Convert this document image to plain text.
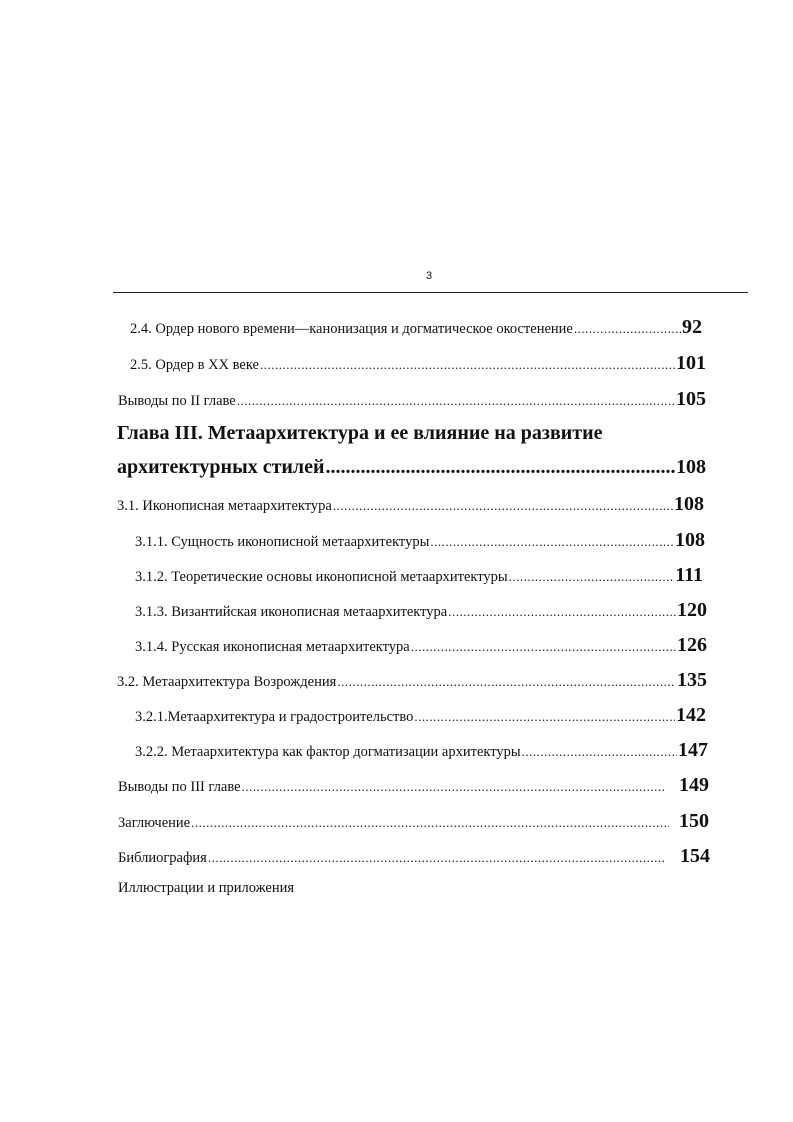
3
2.4. Ордер нового времени—канонизация и догматическое окостенение .....	92
2.5. Ордер в XX веке .....	101
Выводы по II главе .....	105
Глава III. Метаархитектура и ее влияние на развитие
архитектурных стилей .....	108
3.1. Иконописная метаархитектура .....	108
3.1.1. Сущность иконописной метаархитектуры .....	108
3.1.2. Теоретические основы иконописной метаархитектуры .....	111
3.1.3. Византийская иконописная метаархитектура .....	120
3.1.4. Русская иконописная метаархитектура .....	126
3.2. Метаархитектура Возрождения .....	135
3.2.1.Метаархитектура и градостроительство .....	142
3.2.2. Метаархитектура как фактор догматизации архитектуры .....	147
Выводы по III главе .....	149
Заглючение .....	150
Библиография .....	154
Иллюстрации и приложения
